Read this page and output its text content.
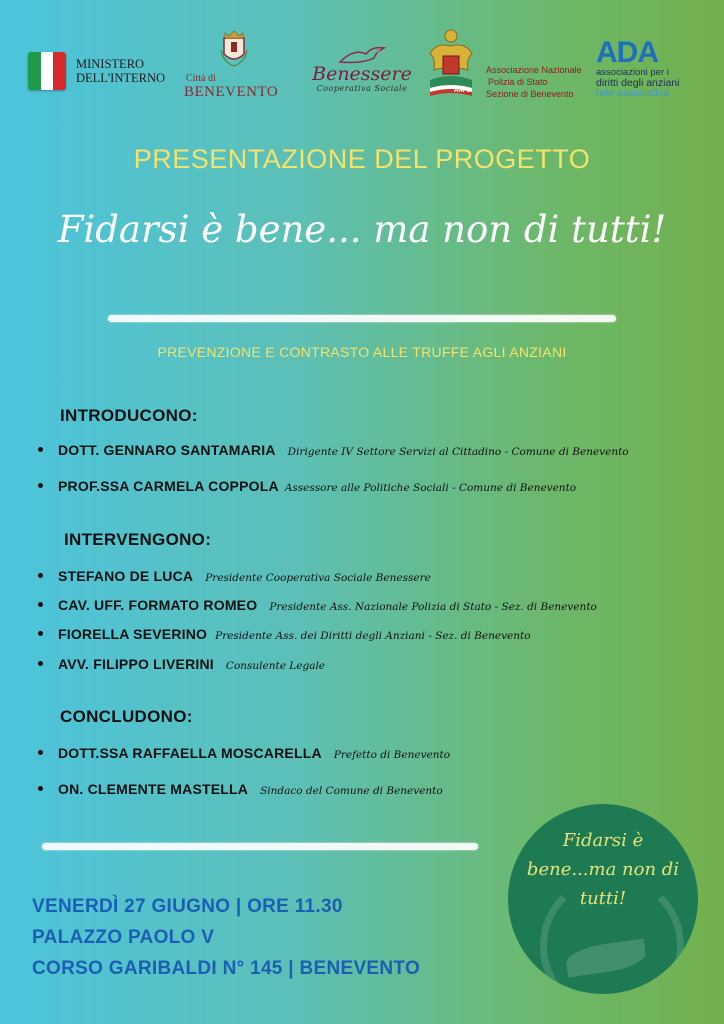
MINISTERO
DELL'INTERNO Città di
BENEVENTO
Benessere
Cooperativa Sociale	ANPS
Associazione Nazionale
Polizia di Stato
Sezione di Benevento
ADA
associazioni per i
diritti degli anziani
rete associativa
PRESENTAZIONE DEL PROGETTO
Fidarsi è bene... ma non di tutti!
PREVENZIONE E CONTRASTO ALLE TRUFFE AGLI ANZIANI
INTRODUCONO:
DOTT. GENNARO SANTAMARIA Dirigente IV Settore Servizi al Cittadino - Comune di Benevento
PROF.SSA CARMELA COPPOLA Assessore alle Politiche Sociali - Comune di Benevento
INTERVENGONO:
STEFANO DE LUCA Presidente Cooperativa Sociale Benessere
CAV. UFF. FORMATO ROMEO Presidente Ass. Nazionale Polizia di Stato - Sez. di Benevento
FIORELLA SEVERINO Presidente Ass. dei Diritti degli Anziani - Sez. di Benevento
AVV. FILIPPO LIVERINI Consulente Legale
CONCLUDONO:
DOTT.SSA RAFFAELLA MOSCARELLA Prefetto di Benevento
ON. CLEMENTE MASTELLA Sindaco del Comune di Benevento
VENERDÌ 27 GIUGNO | ORE 11.30
PALAZZO PAOLO V
CORSO GARIBALDI N° 145 | BENEVENTO
Fidarsi è
bene...ma non di
tutti!
